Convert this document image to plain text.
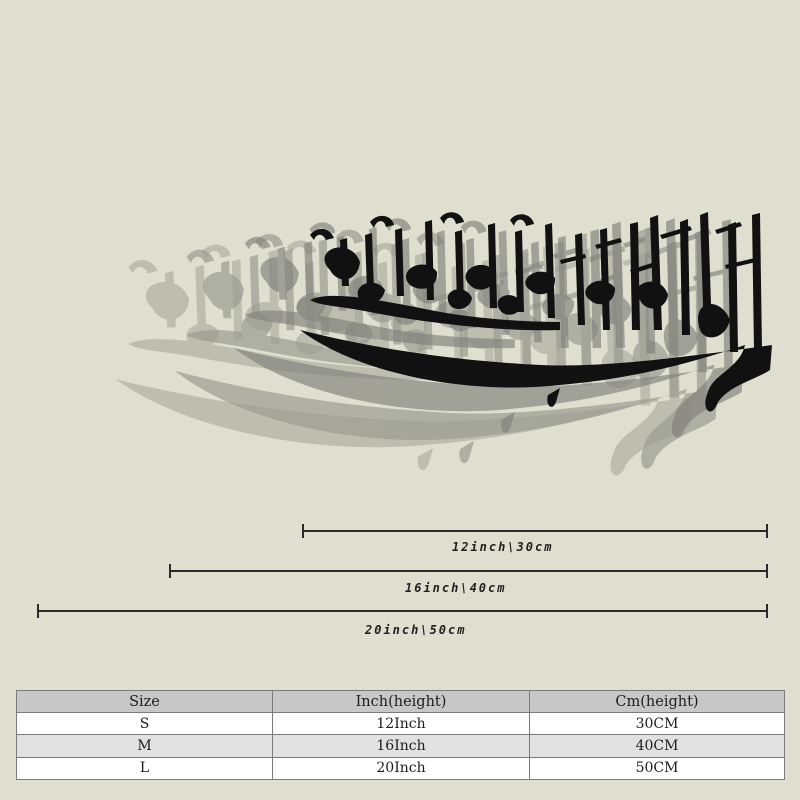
12inch\30cm
16inch\40cm
20inch\50cm
Size	Inch(height)	Cm(height)
S	12Inch	30CM
M	16Inch	40CM
L	20Inch	50CM
